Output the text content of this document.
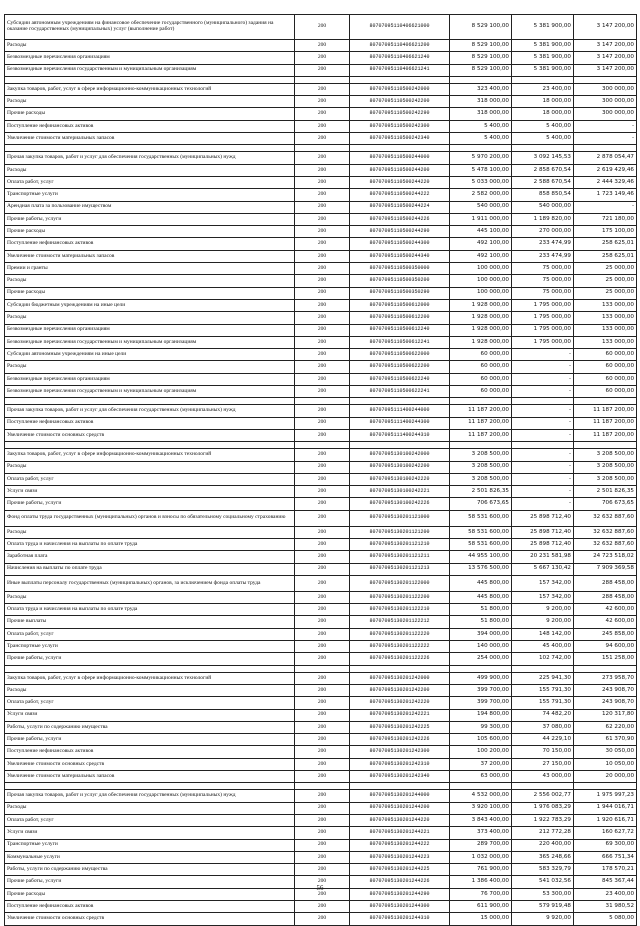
Субсидии автономным учреждениям на финансовое обеспечение государственного (муниципального) задания на оказание государственных (муниципальных) услуг (выполнение работ)	200	80707095110406621000	8 529 100,00	5 381 900,00	3 147 200,00
Расходы	200	80707095110406621200	8 529 100,00	5 381 900,00	3 147 200,00
Безвозмездные перечисления организациям	200	80707095110406621240	8 529 100,00	5 381 900,00	3 147 200,00
Безвозмездные перечисления государственным и муниципальным организациям	200	80707095110406621241	8 529 100,00	5 381 900,00	3 147 200,00

Закупка товаров, работ, услуг в сфере информационно-коммуникационных технологий	200	80707095110500242000	323 400,00	23 400,00	300 000,00
Расходы	200	80707095110500242200	318 000,00	18 000,00	300 000,00
Прочие расходы	200	80707095110500242290	318 000,00	18 000,00	300 000,00
Поступление нефинансовых активов	200	80707095110500242300	5 400,00	5 400,00	-
Увеличение стоимости материальных запасов	200	80707095110500242340	5 400,00	5 400,00	-

Прочая закупка товаров, работ и услуг для обеспечения государственных (муниципальных) нужд	200	80707095110500244000	5 970 200,00	3 092 145,53	2 878 054,47
Расходы	200	80707095110500244200	5 478 100,00	2 858 670,54	2 619 429,46
Оплата работ, услуг	200	80707095110500244220	5 033 000,00	2 588 670,54	2 444 329,46
Транспортные услуги	200	80707095110500244222	2 582 000,00	858 850,54	1 723 149,46
Арендная плата за пользование имуществом	200	80707095110500244224	540 000,00	540 000,00	-
Прочие работы, услуги	200	80707095110500244226	1 911 000,00	1 189 820,00	721 180,00
Прочие расходы	200	80707095110500244290	445 100,00	270 000,00	175 100,00
Поступление нефинансовых активов	200	80707095110500244300	492 100,00	233 474,99	258 625,01
Увеличение стоимости материальных запасов	200	80707095110500244340	492 100,00	233 474,99	258 625,01
Премии и гранты	200	80707095110500350000	100 000,00	75 000,00	25 000,00
Расходы	200	80707095110500350200	100 000,00	75 000,00	25 000,00
Прочие расходы	200	80707095110500350290	100 000,00	75 000,00	25 000,00
Субсидии бюджетным учреждениям на иные цели	200	80707095110500612000	1 928 000,00	1 795 000,00	133 000,00
Расходы	200	80707095110500612200	1 928 000,00	1 795 000,00	133 000,00
Безвозмездные перечисления организациям	200	80707095110500612240	1 928 000,00	1 795 000,00	133 000,00
Безвозмездные перечисления государственным и муниципальным организациям	200	80707095110500612241	1 928 000,00	1 795 000,00	133 000,00
Субсидии автономным учреждениям на иные цели	200	80707095110500622000	60 000,00	-	60 000,00
Расходы	200	80707095110500622200	60 000,00	-	60 000,00
Безвозмездные перечисления организациям	200	80707095110500622240	60 000,00	-	60 000,00
Безвозмездные перечисления государственным и муниципальным организациям	200	80707095110500622241	60 000,00	-	60 000,00

Прочая закупка товаров, работ и услуг для обеспечения государственных (муниципальных) нужд	200	80707095111400244000	11 187 200,00	-	11 187 200,00
Поступление нефинансовых активов	200	80707095111400244300	11 187 200,00	-	11 187 200,00
Увеличение стоимости основных средств	200	80707095111400244310	11 187 200,00	-	11 187 200,00

Закупка товаров, работ, услуг в сфере информационно-коммуникационных технологий	200	80707095130100242000	3 208 500,00	-	3 208 500,00
Расходы	200	80707095130100242200	3 208 500,00	-	3 208 500,00
Оплата работ, услуг	200	80707095130100242220	3 208 500,00	-	3 208 500,00
Услуги связи	200	80707095130100242221	2 501 826,35	-	2 501 826,35
Прочие работы, услуги	200	80707095130100242226	706 673,65	-	706 673,65
Фонд оплаты труда государственных (муниципальных) органов и взносы по обязательному социальному страхованию	200	80707095130201121000	58 531 600,00	25 898 712,40	32 632 887,60
Расходы	200	80707095130201121200	58 531 600,00	25 898 712,40	32 632 887,60
Оплата труда и начисления на выплаты по оплате труда	200	80707095130201121210	58 531 600,00	25 898 712,40	32 632 887,60
Заработная плата	200	80707095130201121211	44 955 100,00	20 231 581,98	24 723 518,02
Начисления на выплаты по оплате труда	200	80707095130201121213	13 576 500,00	5 667 130,42	7 909 369,58
Иные выплаты персоналу государственных (муниципальных) органов, за исключением фонда оплаты труда	200	80707095130201122000	445 800,00	157 342,00	288 458,00
Расходы	200	80707095130201122200	445 800,00	157 342,00	288 458,00
Оплата труда и начисления на выплаты по оплате труда	200	80707095130201122210	51 800,00	9 200,00	42 600,00
Прочие выплаты	200	80707095130201122212	51 800,00	9 200,00	42 600,00
Оплата работ, услуг	200	80707095130201122220	394 000,00	148 142,00	245 858,00
Транспортные услуги	200	80707095130201122222	140 000,00	45 400,00	94 600,00
Прочие работы, услуги	200	80707095130201122226	254 000,00	102 742,00	151 258,00

Закупка товаров, работ, услуг в сфере информационно-коммуникационных технологий	200	80707095130201242000	499 900,00	225 941,30	273 958,70
Расходы	200	80707095130201242200	399 700,00	155 791,30	243 908,70
Оплата работ, услуг	200	80707095130201242220	399 700,00	155 791,30	243 908,70
Услуги связи	200	80707095130201242221	194 800,00	74 482,20	120 317,80
Работы, услуги по содержанию имущества	200	80707095130201242225	99 300,00	37 080,00	62 220,00
Прочие работы, услуги	200	80707095130201242226	105 600,00	44 229,10	61 370,90
Поступление нефинансовых активов	200	80707095130201242300	100 200,00	70 150,00	30 050,00
Увеличение стоимости основных средств	200	80707095130201242310	37 200,00	27 150,00	10 050,00
Увеличение стоимости материальных запасов	200	80707095130201242340	63 000,00	43 000,00	20 000,00

Прочая закупка товаров, работ и услуг для обеспечения государственных (муниципальных) нужд	200	80707095130201244000	4 532 000,00	2 556 002,77	1 975 997,23
Расходы	200	80707095130201244200	3 920 100,00	1 976 083,29	1 944 016,71
Оплата работ, услуг	200	80707095130201244220	3 843 400,00	1 922 783,29	1 920 616,71
Услуги связи	200	80707095130201244221	373 400,00	212 772,28	160 627,72
Транспортные услуги	200	80707095130201244222	289 700,00	220 400,00	69 300,00
Коммунальные услуги	200	80707095130201244223	1 032 000,00	365 248,66	666 751,34
Работы, услуги по содержанию имущества	200	80707095130201244225	761 900,00	583 329,79	178 570,21
Прочие работы, услуги	200	80707095130201244226	1 386 400,00	541 032,56	845 367,44
Прочие расходы	200	80707095130201244290	76 700,00	53 300,00	23 400,00
Поступление нефинансовых активов	200	80707095130201244300	611 900,00	579 919,48	31 980,52
Увеличение стоимости основных средств	200	80707095130201244310	15 000,00	9 920,00	5 080,00
56
